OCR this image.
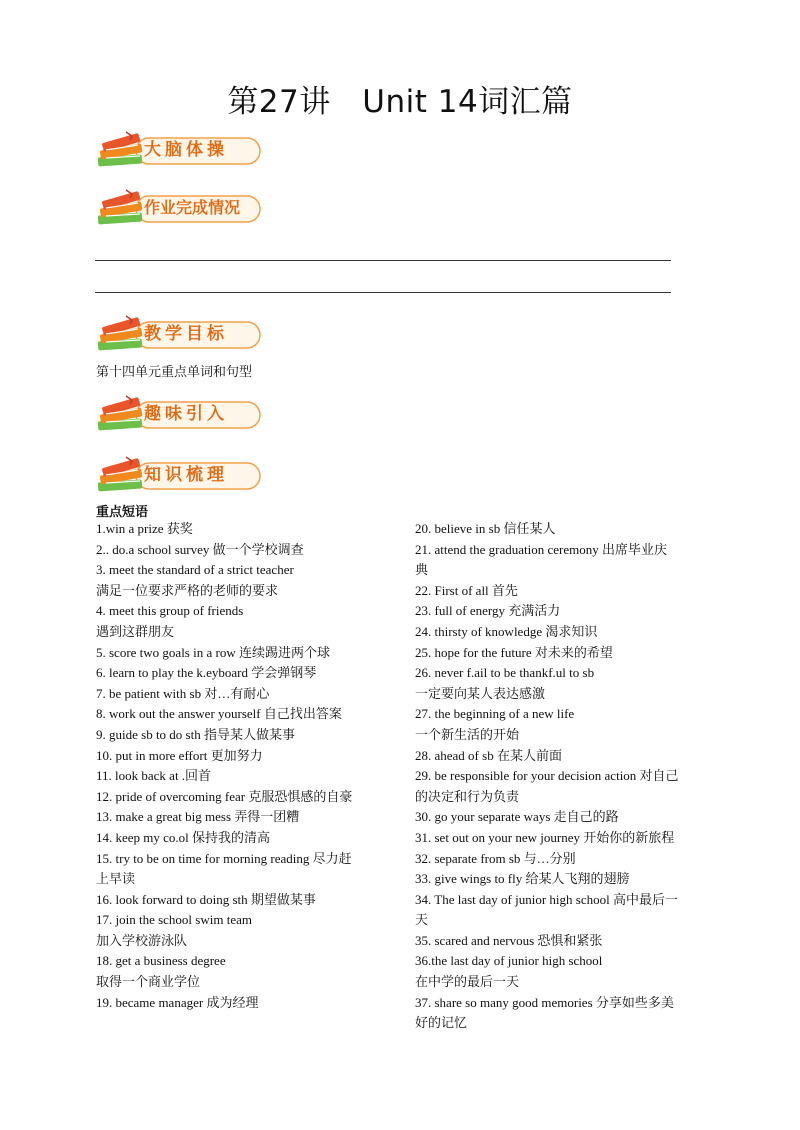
第27讲　Unit 14词汇篇
大脑体操
作业完成情况
教学目标
第十四单元重点单词和句型
趣味引入
知识梳理
重点短语
1.win a prize 获奖
2.. do.a school survey 做一个学校调查
3. meet the standard of a strict teacher
满足一位要求严格的老师的要求
4. meet this group of friends
遇到这群朋友
5. score two goals in a row 连续踢进两个球
6. learn to play the k.eyboard 学会弹钢琴
7. be patient with sb 对…有耐心
8. work out the answer yourself 自己找出答案
9. guide sb to do sth 指导某人做某事
10. put in more effort 更加努力
11. look back at .回首
12. pride of overcoming fear 克服恐惧感的自豪
13. make a great big mess 弄得一团糟
14. keep my co.ol 保持我的清高
15. try to be on time for morning reading 尽力赶
上早读
16. look forward to doing sth 期望做某事
17. join the school swim team
加入学校游泳队
18. get a business degree
取得一个商业学位
19. became manager 成为经理
20. believe in sb 信任某人
21. attend the graduation ceremony 出席毕业庆
典
22. First of all 首先
23. full of energy 充满活力
24. thirsty of knowledge 渴求知识
25. hope for the future 对未来的希望
26. never f.ail to be thankf.ul to sb
一定要向某人表达感激
27. the beginning of a new life
一个新生活的开始
28. ahead of sb 在某人前面
29. be responsible for your decision action 对自己
的决定和行为负责
30. go your separate ways 走自己的路
31. set out on your new journey 开始你的新旅程
32. separate from sb 与…分别
33. give wings to fly 给某人飞翔的翅膀
34. The last day of junior high school 高中最后一
天
35. scared and nervous 恐惧和紧张
36.the last day of junior high school
在中学的最后一天
37. share so many good memories 分享如些多美
好的记忆
